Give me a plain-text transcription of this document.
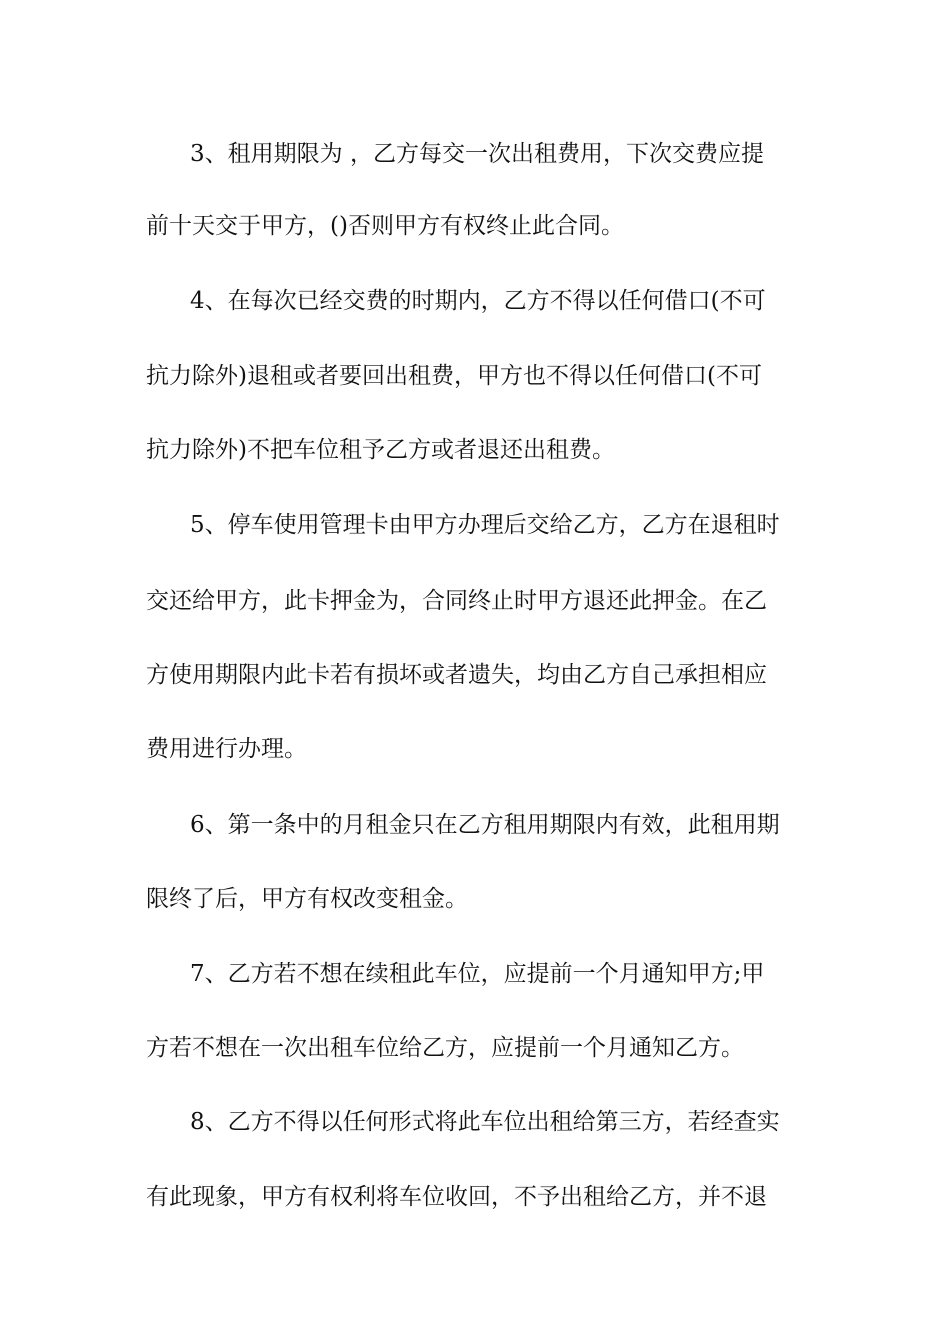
3、租用期限为 ，乙方每交一次出租费用，下次交费应提
前十天交于甲方，()否则甲方有权终止此合同。
4、在每次已经交费的时期内，乙方不得以任何借口(不可
抗力除外)退租或者要回出租费，甲方也不得以任何借口(不可
抗力除外)不把车位租予乙方或者退还出租费。
5、停车使用管理卡由甲方办理后交给乙方，乙方在退租时
交还给甲方，此卡押金为，合同终止时甲方退还此押金。在乙
方使用期限内此卡若有损坏或者遗失，均由乙方自己承担相应
费用进行办理。
6、第一条中的月租金只在乙方租用期限内有效，此租用期
限终了后，甲方有权改变租金。
7、乙方若不想在续租此车位，应提前一个月通知甲方;甲
方若不想在一次出租车位给乙方，应提前一个月通知乙方。
8、乙方不得以任何形式将此车位出租给第三方，若经查实
有此现象，甲方有权利将车位收回，不予出租给乙方，并不退
